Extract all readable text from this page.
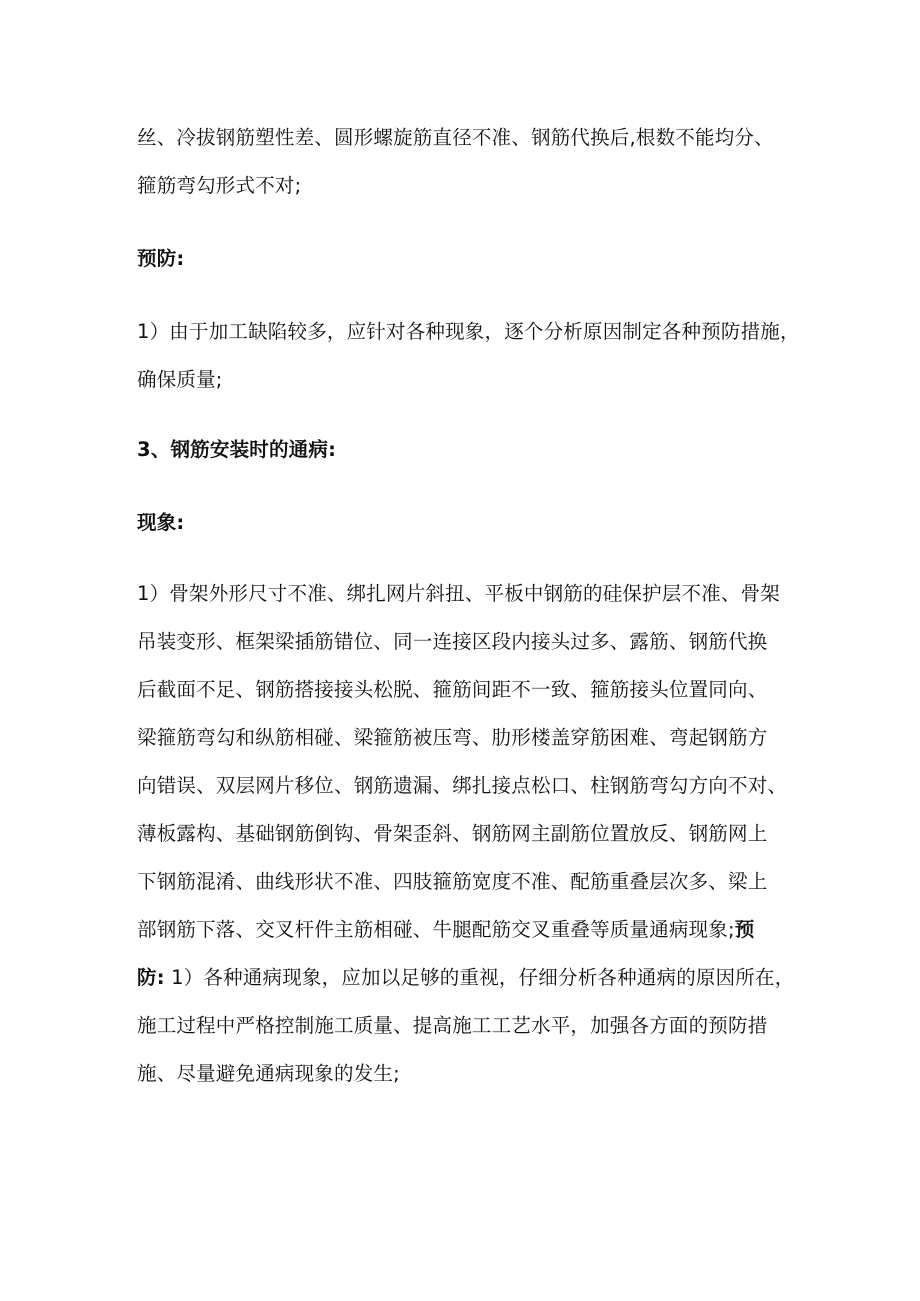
丝、冷拔钢筋塑性差、圆形螺旋筋直径不准、钢筋代换后,根数不能均分、
箍筋弯勾形式不对;

预防:

1）由于加工缺陷较多，应针对各种现象，逐个分析原因制定各种预防措施，
确保质量;

3、钢筋安装时的通病:

现象:

1）骨架外形尺寸不准、绑扎网片斜扭、平板中钢筋的硅保护层不准、骨架
吊装变形、框架梁插筋错位、同一连接区段内接头过多、露筋、钢筋代换
后截面不足、钢筋搭接接头松脱、箍筋间距不一致、箍筋接头位置同向、
梁箍筋弯勾和纵筋相碰、梁箍筋被压弯、肋形楼盖穿筋困难、弯起钢筋方
向错误、双层网片移位、钢筋遗漏、绑扎接点松口、柱钢筋弯勾方向不对、
薄板露构、基础钢筋倒钩、骨架歪斜、钢筋网主副筋位置放反、钢筋网上
下钢筋混淆、曲线形状不准、四肢箍筋宽度不准、配筋重叠层次多、梁上
部钢筋下落、交叉杆件主筋相碰、牛腿配筋交叉重叠等质量通病现象;预
防: 1）各种通病现象，应加以足够的重视，仔细分析各种通病的原因所在，
施工过程中严格控制施工质量、提高施工工艺水平，加强各方面的预防措
施、尽量避免通病现象的发生;
